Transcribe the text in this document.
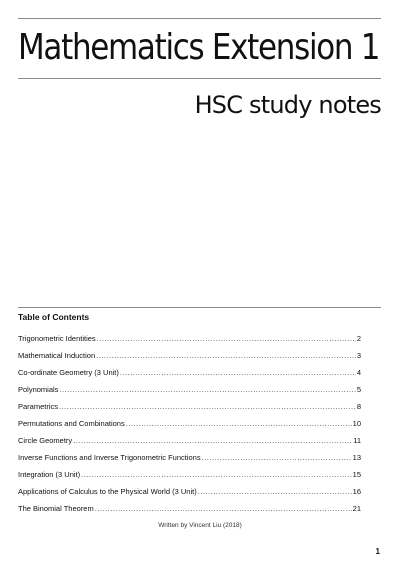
Mathematics Extension 1
HSC study notes
Table of Contents
Trigonometric Identities .....	2
Mathematical Induction .....	3
Co-ordinate Geometry (3 Unit) .....	4
Polynomials .....	5
Parametrics .....	8
Permutations and Combinations .....	10
Circle Geometry .....	11
Inverse Functions and Inverse Trigonometric Functions .....	13
Integration (3 Unit) .....	15
Applications of Calculus to the Physical World (3 Unit) .....	16
The Binomial Theorem .....	21
Written by Vincent Liu (2018)
1
